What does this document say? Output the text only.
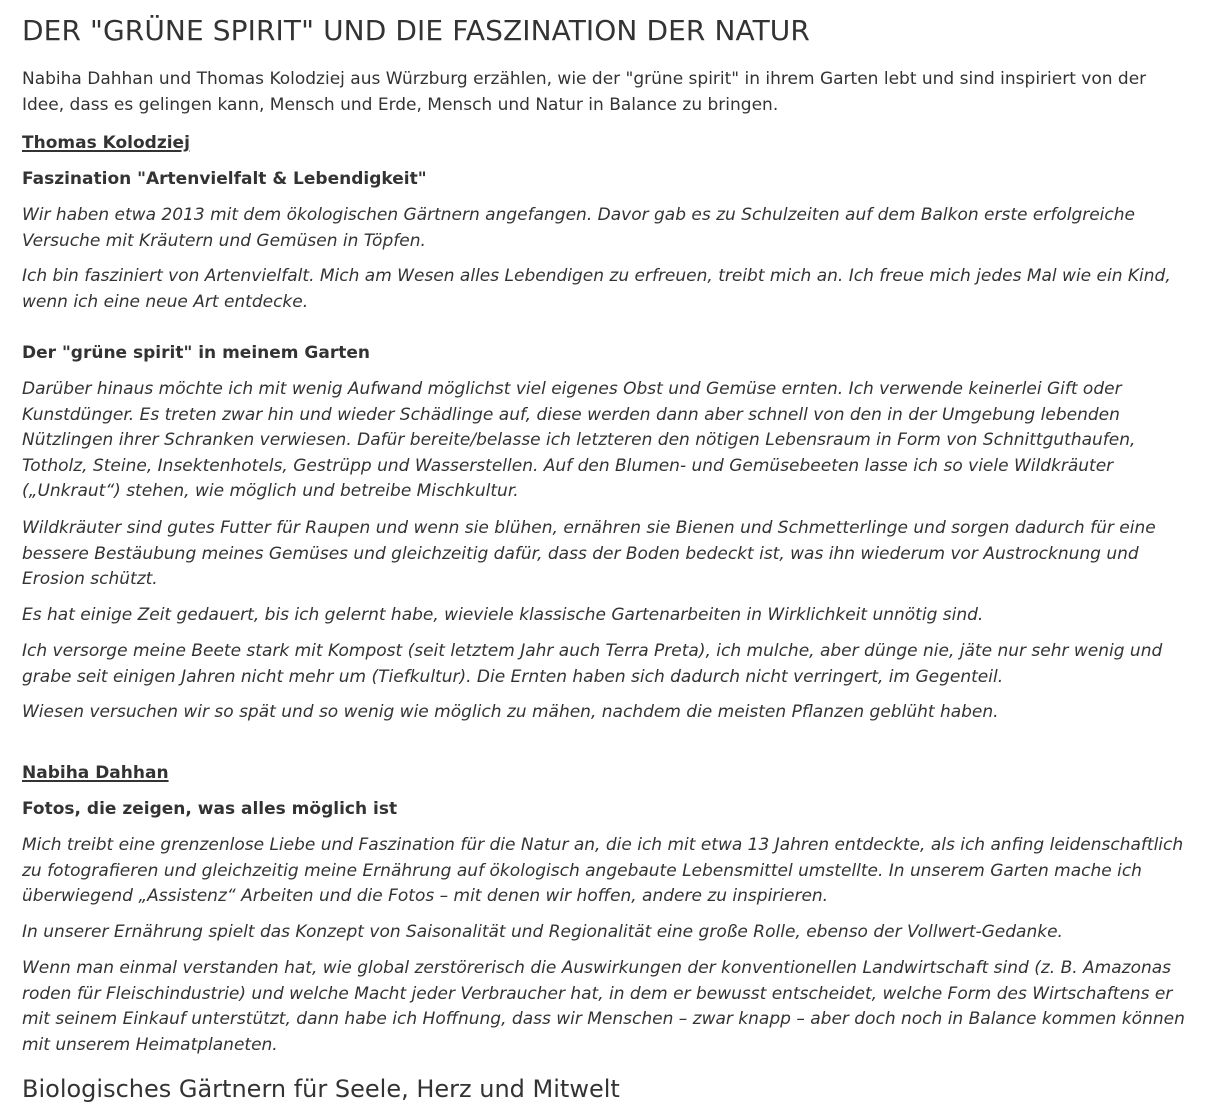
DER "GRÜNE SPIRIT" UND DIE FASZINATION DER NATUR

Nabiha Dahhan und Thomas Kolodziej aus Würzburg erzählen, wie der "grüne spirit" in ihrem Garten lebt und sind inspiriert von der Idee, dass es gelingen kann, Mensch und Erde, Mensch und Natur in Balance zu bringen.

Thomas Kolodziej

Faszination "Artenvielfalt & Lebendigkeit"

Wir haben etwa 2013 mit dem ökologischen Gärtnern angefangen. Davor gab es zu Schulzeiten auf dem Balkon erste erfolgreiche Versuche mit Kräutern und Gemüsen in Töpfen.

Ich bin fasziniert von Artenvielfalt. Mich am Wesen alles Lebendigen zu erfreuen, treibt mich an. Ich freue mich jedes Mal wie ein Kind, wenn ich eine neue Art entdecke.

Der "grüne spirit" in meinem Garten

Darüber hinaus möchte ich mit wenig Aufwand möglichst viel eigenes Obst und Gemüse ernten. Ich verwende keinerlei Gift oder Kunstdünger. Es treten zwar hin und wieder Schädlinge auf, diese werden dann aber schnell von den in der Umgebung lebenden Nützlingen ihrer Schranken verwiesen. Dafür bereite/belasse ich letzteren den nötigen Lebensraum in Form von Schnittguthaufen, Totholz, Steine, Insektenhotels, Gestrüpp und Wasserstellen. Auf den Blumen- und Gemüsebeeten lasse ich so viele Wildkräuter („Unkraut“) stehen, wie möglich und betreibe Mischkultur.

Wildkräuter sind gutes Futter für Raupen und wenn sie blühen, ernähren sie Bienen und Schmetterlinge und sorgen dadurch für eine bessere Bestäubung meines Gemüses und gleichzeitig dafür, dass der Boden bedeckt ist, was ihn wiederum vor Austrocknung und Erosion schützt.

Es hat einige Zeit gedauert, bis ich gelernt habe, wieviele klassische Gartenarbeiten in Wirklichkeit unnötig sind.

Ich versorge meine Beete stark mit Kompost (seit letztem Jahr auch Terra Preta), ich mulche, aber dünge nie, jäte nur sehr wenig und grabe seit einigen Jahren nicht mehr um (Tiefkultur). Die Ernten haben sich dadurch nicht verringert, im Gegenteil.

Wiesen versuchen wir so spät und so wenig wie möglich zu mähen, nachdem die meisten Pflanzen geblüht haben.

Nabiha Dahhan

Fotos, die zeigen, was alles möglich ist

Mich treibt eine grenzenlose Liebe und Faszination für die Natur an, die ich mit etwa 13 Jahren entdeckte, als ich anfing leidenschaftlich zu fotografieren und gleichzeitig meine Ernährung auf ökologisch angebaute Lebensmittel umstellte. In unserem Garten mache ich überwiegend „Assistenz“ Arbeiten und die Fotos – mit denen wir hoffen, andere zu inspirieren.

In unserer Ernährung spielt das Konzept von Saisonalität und Regionalität eine große Rolle, ebenso der Vollwert-Gedanke.

Wenn man einmal verstanden hat, wie global zerstörerisch die Auswirkungen der konventionellen Landwirtschaft sind (z. B. Amazonas roden für Fleischindustrie) und welche Macht jeder Verbraucher hat, in dem er bewusst entscheidet, welche Form des Wirtschaftens er mit seinem Einkauf unterstützt, dann habe ich Hoffnung, dass wir Menschen – zwar knapp – aber doch noch in Balance kommen können mit unserem Heimatplaneten.

Biologisches Gärtnern für Seele, Herz und Mitwelt
